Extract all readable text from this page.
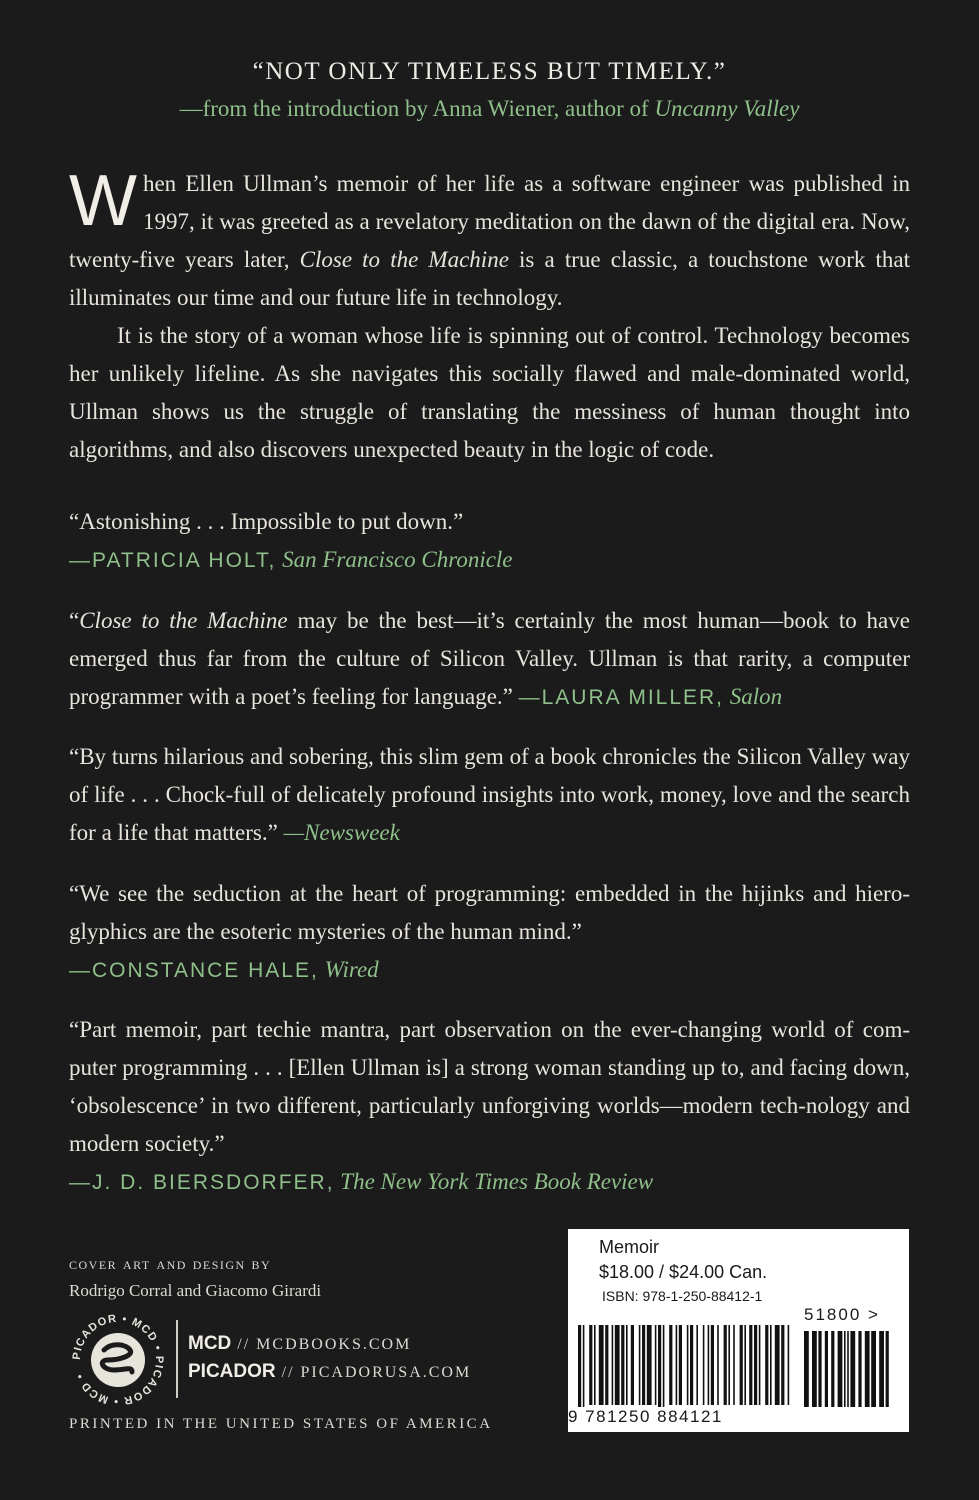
“NOT ONLY TIMELESS BUT TIMELY.”
—from the introduction by Anna Wiener, author of Uncanny Valley

When Ellen Ullman’s memoir of her life as a software engineer was published in 1997, it was greeted as a revelatory meditation on the dawn of the digital era. Now, twenty-five years later, Close to the Machine is a true classic, a touchstone work that illuminates our time and our future life in technology.

It is the story of a woman whose life is spinning out of control. Technology becomes her unlikely lifeline. As she navigates this socially flawed and male-dominated world, Ullman shows us the struggle of translating the messiness of human thought into algorithms, and also discovers unexpected beauty in the logic of code.

“Astonishing . . . Impossible to put down.”
—PATRICIA HOLT, San Francisco Chronicle
“Close to the Machine may be the best—it’s certainly the most human—book to have emerged thus far from the culture of Silicon Valley. Ullman is that rarity, a computer programmer with a poet’s feeling for language.” —LAURA MILLER, Salon
“By turns hilarious and sobering, this slim gem of a book chronicles the Silicon Valley way of life . . . Chock-full of delicately profound insights into work, money, love and the search for a life that matters.” —Newsweek
“We see the seduction at the heart of programming: embedded in the hijinks and hiero-glyphics are the esoteric mysteries of the human mind.”
—CONSTANCE HALE, Wired
“Part memoir, part techie mantra, part observation on the ever-changing world of com-puter programming . . . [Ellen Ullman is] a strong woman standing up to, and facing down, ‘obsolescence’ in two different, particularly unforgiving worlds—modern tech-nology and modern society.”
—J. D. BIERSDORFER, The New York Times Book Review
cover art and design by
Rodrigo Corral and Giacomo Girardi
PICADOR • MCD • PICADOR • MCD •
MCD // MCDBOOKS.COM
PICADOR // PICADORUSA.COM
PRINTED IN THE UNITED STATES OF AMERICA
Memoir
$18.00 / $24.00 Can.
ISBN: 978-1-250-88412-1
9 781250 884121
51800 >
